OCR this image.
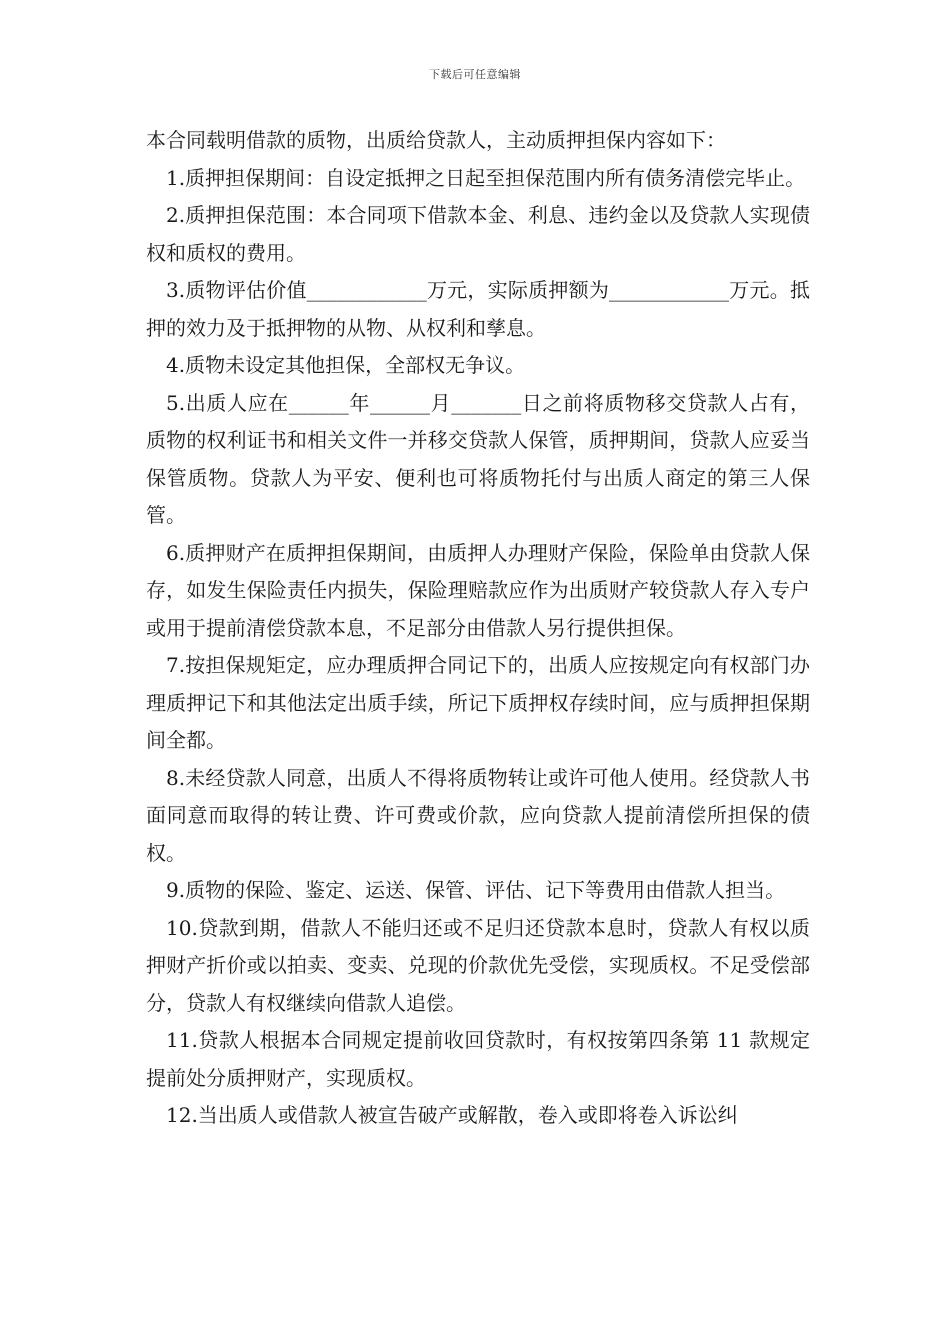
下载后可任意编辑

本合同载明借款的质物，出质给贷款人，主动质押担保内容如下：

1.质押担保期间：自设定抵押之日起至担保范围内所有债务清偿完毕止。

2.质押担保范围：本合同项下借款本金、利息、违约金以及贷款人实现债权和质权的费用。

3.质物评估价值____________万元，实际质押额为____________万元。抵押的效力及于抵押物的从物、从权利和孳息。

4.质物未设定其他担保，全部权无争议。

5.出质人应在______年______月_______日之前将质物移交贷款人占有，质物的权利证书和相关文件一并移交贷款人保管，质押期间，贷款人应妥当保管质物。贷款人为平安、便利也可将质物托付与出质人商定的第三人保管。

6.质押财产在质押担保期间，由质押人办理财产保险，保险单由贷款人保存，如发生保险责任内损失，保险理赔款应作为出质财产较贷款人存入专户或用于提前清偿贷款本息，不足部分由借款人另行提供担保。

7.按担保规矩定，应办理质押合同记下的，出质人应按规定向有权部门办理质押记下和其他法定出质手续，所记下质押权存续时间，应与质押担保期间全都。

8.未经贷款人同意，出质人不得将质物转让或许可他人使用。经贷款人书面同意而取得的转让费、许可费或价款，应向贷款人提前清偿所担保的债权。

9.质物的保险、鉴定、运送、保管、评估、记下等费用由借款人担当。

10.贷款到期，借款人不能归还或不足归还贷款本息时，贷款人有权以质押财产折价或以拍卖、变卖、兑现的价款优先受偿，实现质权。不足受偿部分，贷款人有权继续向借款人追偿。

11.贷款人根据本合同规定提前收回贷款时，有权按第四条第 11 款规定提前处分质押财产，实现质权。

12.当出质人或借款人被宣告破产或解散，卷入或即将卷入诉讼纠
